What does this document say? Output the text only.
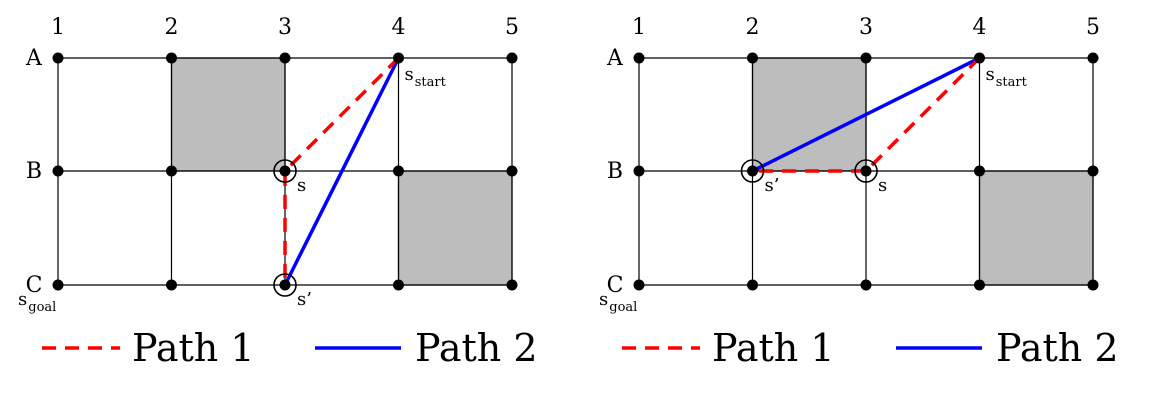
1	2	3	4	5
A
B
C
s
s’
$s_{start}$
$s_{goal}$
Path 1	Path 2
1	2	3	4	5
A
B
C
s’	s
$s_{start}$
$s_{goal}$
Path 1	Path 2
